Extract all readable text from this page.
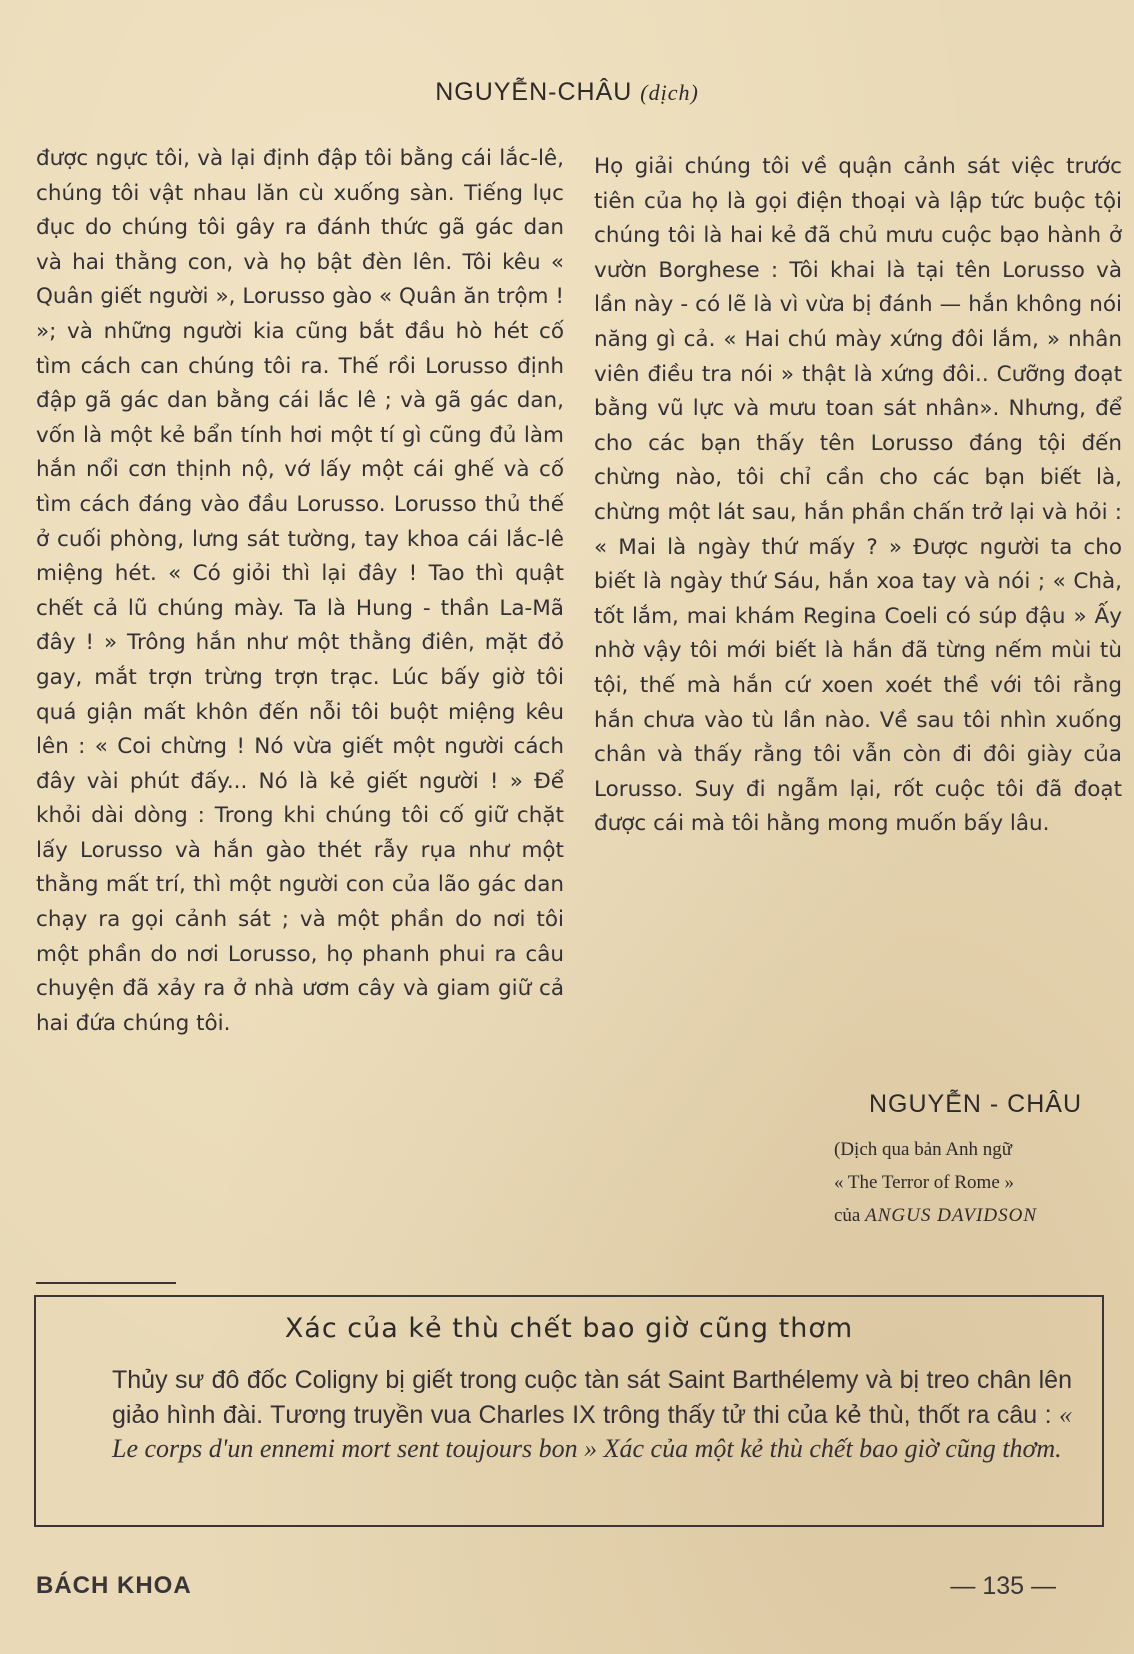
NGUYỄN-CHÂU (dịch)

được ngực tôi, và lại định đập tôi bằng cái lắc-lê, chúng tôi vật nhau lăn cù xuống sàn. Tiếng lục đục do chúng tôi gây ra đánh thức gã gác dan và hai thằng con, và họ bật đèn lên. Tôi kêu « Quân giết người », Lorusso gào « Quân ăn trộm ! »; và những người kia cũng bắt đầu hò hét cố tìm cách can chúng tôi ra. Thế rồi Lorusso định đập gã gác dan bằng cái lắc lê ; và gã gác dan, vốn là một kẻ bẩn tính hơi một tí gì cũng đủ làm hắn nổi cơn thịnh nộ, vớ lấy một cái ghế và cố tìm cách đáng vào đầu Lorusso. Lorusso thủ thế ở cuối phòng, lưng sát tường, tay khoa cái lắc-lê miệng hét. « Có giỏi thì lại đây ! Tao thì quật chết cả lũ chúng mày. Ta là Hung - thần La-Mã đây ! » Trông hắn như một thằng điên, mặt đỏ gay, mắt trợn trừng trợn trạc. Lúc bấy giờ tôi quá giận mất khôn đến nỗi tôi buột miệng kêu lên : « Coi chừng ! Nó vừa giết một người cách đây vài phút đấy... Nó là kẻ giết người ! » Để khỏi dài dòng : Trong khi chúng tôi cố giữ chặt lấy Lorusso và hắn gào thét rẫy rụa như một thằng mất trí, thì một người con của lão gác dan chạy ra gọi cảnh sát ; và một phần do nơi tôi một phần do nơi Lorusso, họ phanh phui ra câu chuyện đã xảy ra ở nhà ươm cây và giam giữ cả hai đứa chúng tôi.

Họ giải chúng tôi về quận cảnh sát việc trước tiên của họ là gọi điện thoại và lập tức buộc tội chúng tôi là hai kẻ đã chủ mưu cuộc bạo hành ở vườn Borghese : Tôi khai là tại tên Lorusso và lần này - có lẽ là vì vừa bị đánh — hắn không nói năng gì cả. « Hai chú mày xứng đôi lắm, » nhân viên điều tra nói » thật là xứng đôi.. Cưỡng đoạt bằng vũ lực và mưu toan sát nhân». Nhưng, để cho các bạn thấy tên Lorusso đáng tội đến chừng nào, tôi chỉ cần cho các bạn biết là, chừng một lát sau, hắn phần chấn trở lại và hỏi : « Mai là ngày thứ mấy ? » Được người ta cho biết là ngày thứ Sáu, hắn xoa tay và nói ; « Chà, tốt lắm, mai khám Regina Coeli có súp đậu » Ấy nhờ vậy tôi mới biết là hắn đã từng nếm mùi tù tội, thế mà hắn cứ xoen xoét thề với tôi rằng hắn chưa vào tù lần nào. Về sau tôi nhìn xuống chân và thấy rằng tôi vẫn còn đi đôi giày của Lorusso. Suy đi ngẫm lại, rốt cuộc tôi đã đoạt được cái mà tôi hằng mong muốn bấy lâu.

NGUYỄN - CHÂU
(Dịch qua bản Anh ngữ
« The Terror of Rome »
của ANGUS DAVIDSON
Xác của kẻ thù chết bao giờ cũng thơm
Thủy sư đô đốc Coligny bị giết trong cuộc tàn sát Saint Barthélemy và bị treo chân lên giảo hình đài. Tương truyền vua Charles IX trông thấy tử thi của kẻ thù, thốt ra câu : « Le corps d'un ennemi mort sent toujours bon » Xác của một kẻ thù chết bao giờ cũng thơm.
BÁCH KHOA	— 135 —
